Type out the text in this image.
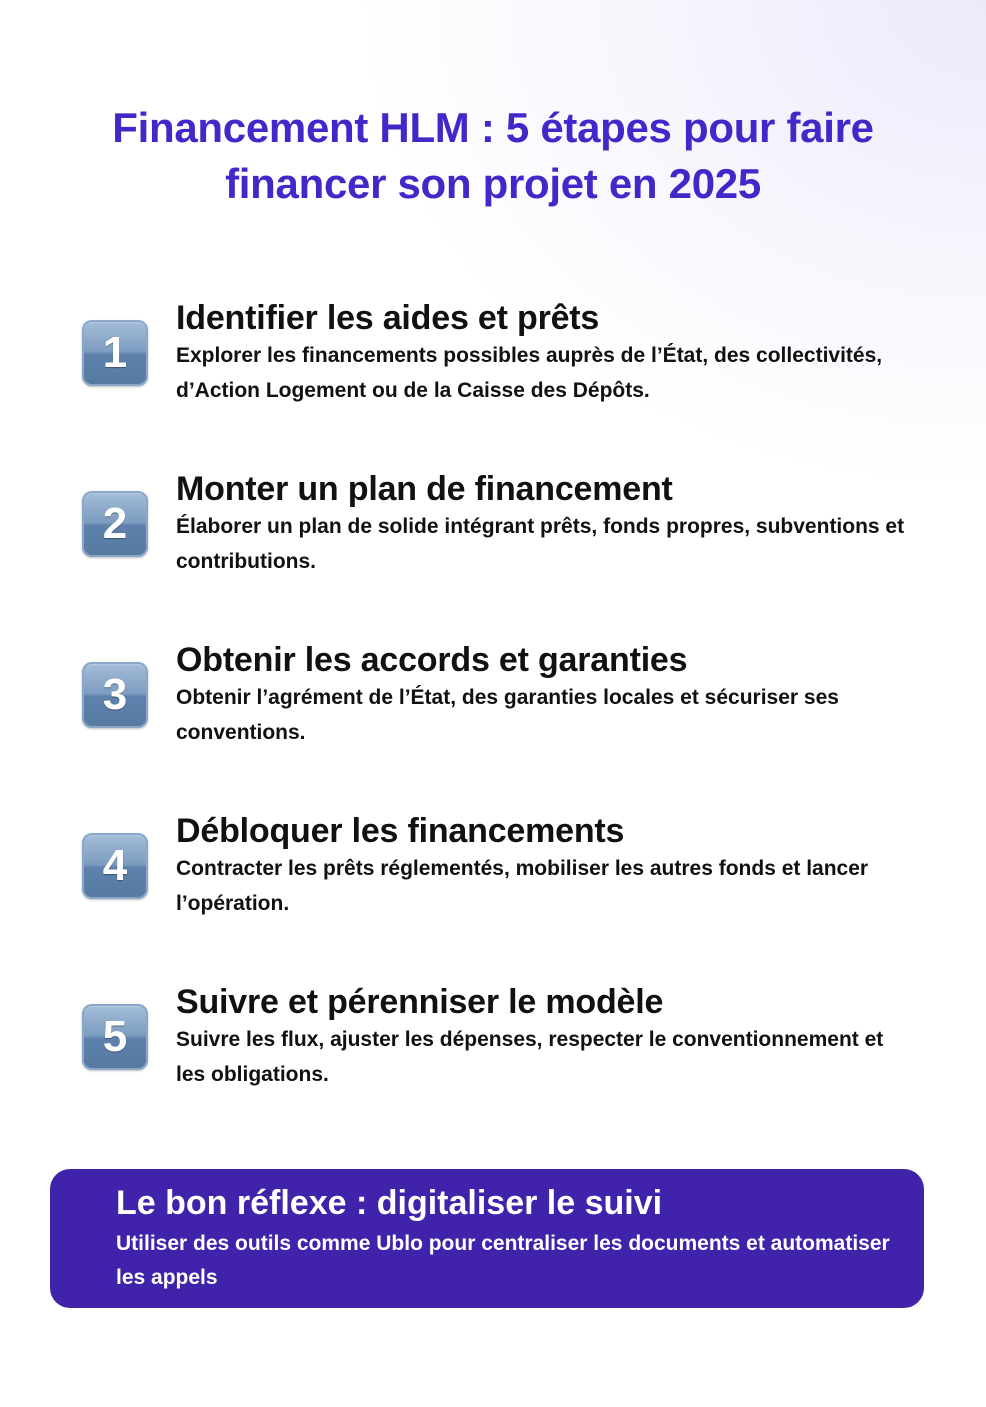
Financement HLM : 5 étapes pour faire
financer son projet en 2025
1
Identifier les aides et prêts

Explorer les financements possibles auprès de l’État, des collectivités, d’Action Logement ou de la Caisse des Dépôts.

2
Monter un plan de financement

Élaborer un plan de solide intégrant prêts, fonds propres, subventions et contributions.

3
Obtenir les accords et garanties

Obtenir l’agrément de l’État, des garanties locales et sécuriser ses conventions.

4
Débloquer les financements

Contracter les prêts réglementés, mobiliser les autres fonds et lancer l’opération.

5
Suivre et pérenniser le modèle

Suivre les flux, ajuster les dépenses, respecter le conventionnement et les obligations.

Le bon réflexe : digitaliser le suivi

Utiliser des outils comme Ublo pour centraliser les documents et automatiser les appels
